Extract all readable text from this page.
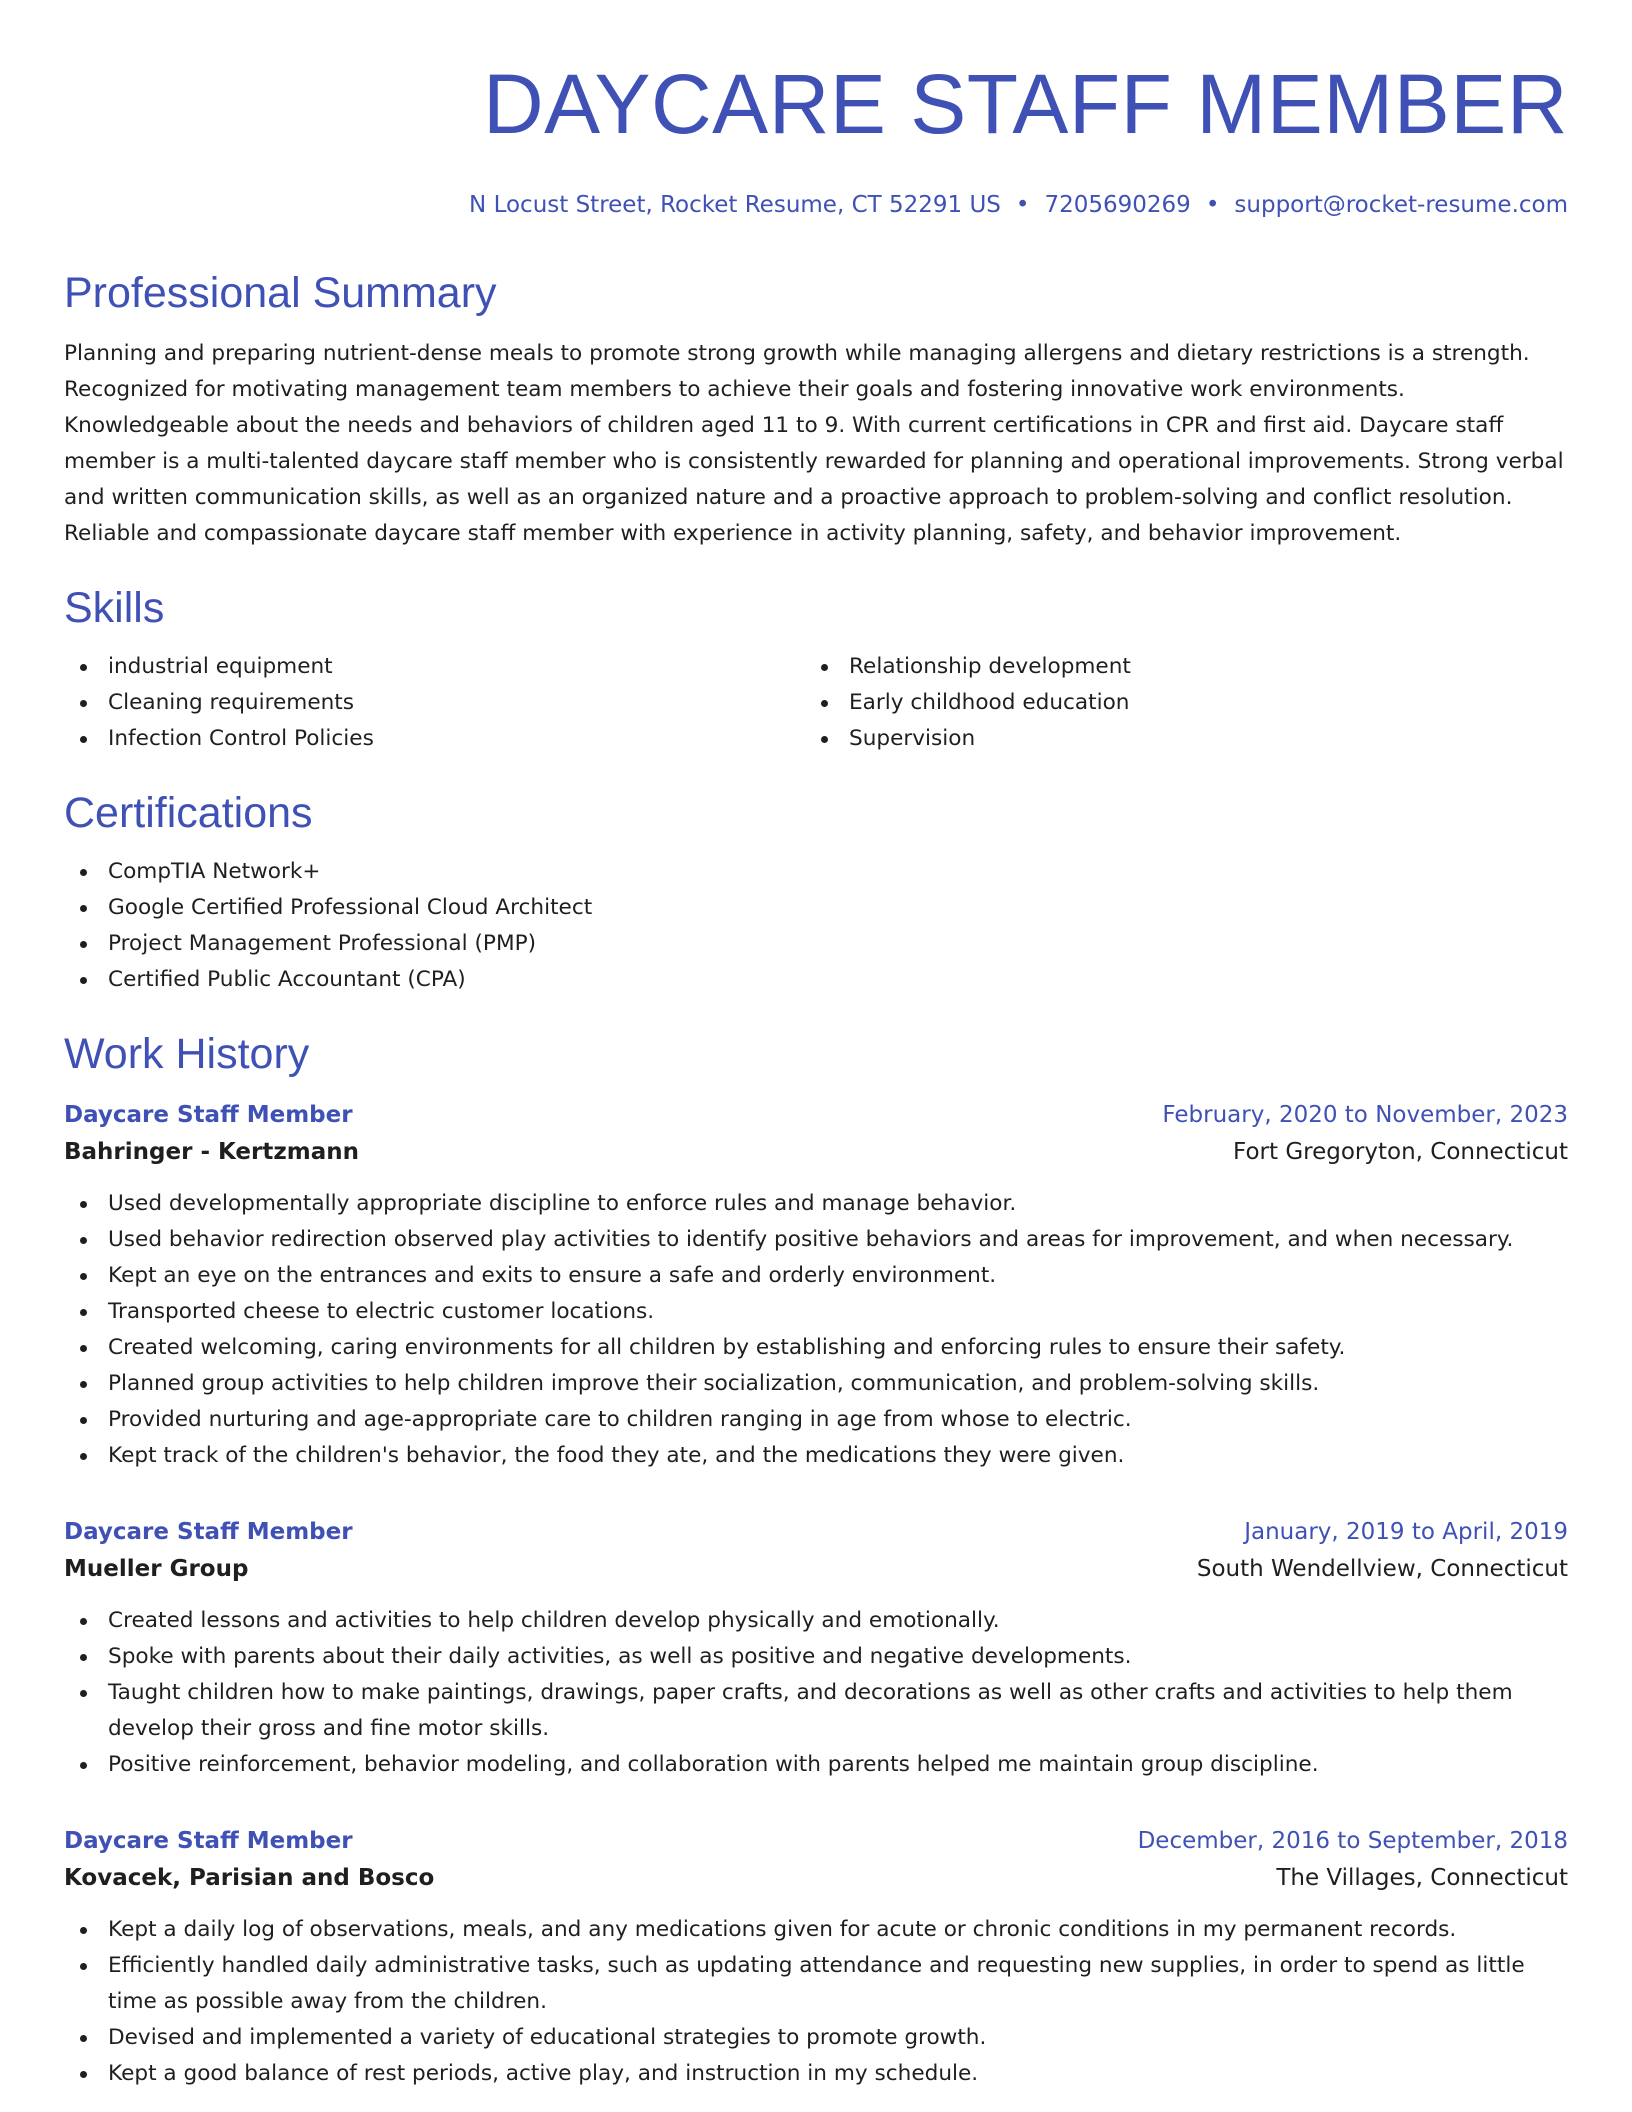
DAYCARE STAFF MEMBER
N Locust Street, Rocket Resume, CT 52291 US • 7205690269 • support@rocket-resume.com
Professional Summary

Planning and preparing nutrient-dense meals to promote strong growth while managing allergens and dietary restrictions is a strength. Recognized for motivating management team members to achieve their goals and fostering innovative work environments. Knowledgeable about the needs and behaviors of children aged 11 to 9. With current certifications in CPR and first aid. Daycare staff member is a multi-talented daycare staff member who is consistently rewarded for planning and operational improvements. Strong verbal and written communication skills, as well as an organized nature and a proactive approach to problem-solving and conflict resolution. Reliable and compassionate daycare staff member with experience in activity planning, safety, and behavior improvement.

Skills
industrial equipment
Cleaning requirements
Infection Control Policies
Relationship development
Early childhood education
Supervision
Certifications
CompTIA Network+
Google Certified Professional Cloud Architect
Project Management Professional (PMP)
Certified Public Accountant (CPA)
Work History
Daycare Staff Member	February, 2020 to November, 2023
Bahringer - Kertzmann	Fort Gregoryton, Connecticut
Used developmentally appropriate discipline to enforce rules and manage behavior.
Used behavior redirection observed play activities to identify positive behaviors and areas for improvement, and when necessary.
Kept an eye on the entrances and exits to ensure a safe and orderly environment.
Transported cheese to electric customer locations.
Created welcoming, caring environments for all children by establishing and enforcing rules to ensure their safety.
Planned group activities to help children improve their socialization, communication, and problem-solving skills.
Provided nurturing and age-appropriate care to children ranging in age from whose to electric.
Kept track of the children's behavior, the food they ate, and the medications they were given.
Daycare Staff Member	January, 2019 to April, 2019
Mueller Group	South Wendellview, Connecticut
Created lessons and activities to help children develop physically and emotionally.
Spoke with parents about their daily activities, as well as positive and negative developments.
Taught children how to make paintings, drawings, paper crafts, and decorations as well as other crafts and activities to help them develop their gross and fine motor skills.
Positive reinforcement, behavior modeling, and collaboration with parents helped me maintain group discipline.
Daycare Staff Member	December, 2016 to September, 2018
Kovacek, Parisian and Bosco	The Villages, Connecticut
Kept a daily log of observations, meals, and any medications given for acute or chronic conditions in my permanent records.
Efficiently handled daily administrative tasks, such as updating attendance and requesting new supplies, in order to spend as little time as possible away from the children.
Devised and implemented a variety of educational strategies to promote growth.
Kept a good balance of rest periods, active play, and instruction in my schedule.
